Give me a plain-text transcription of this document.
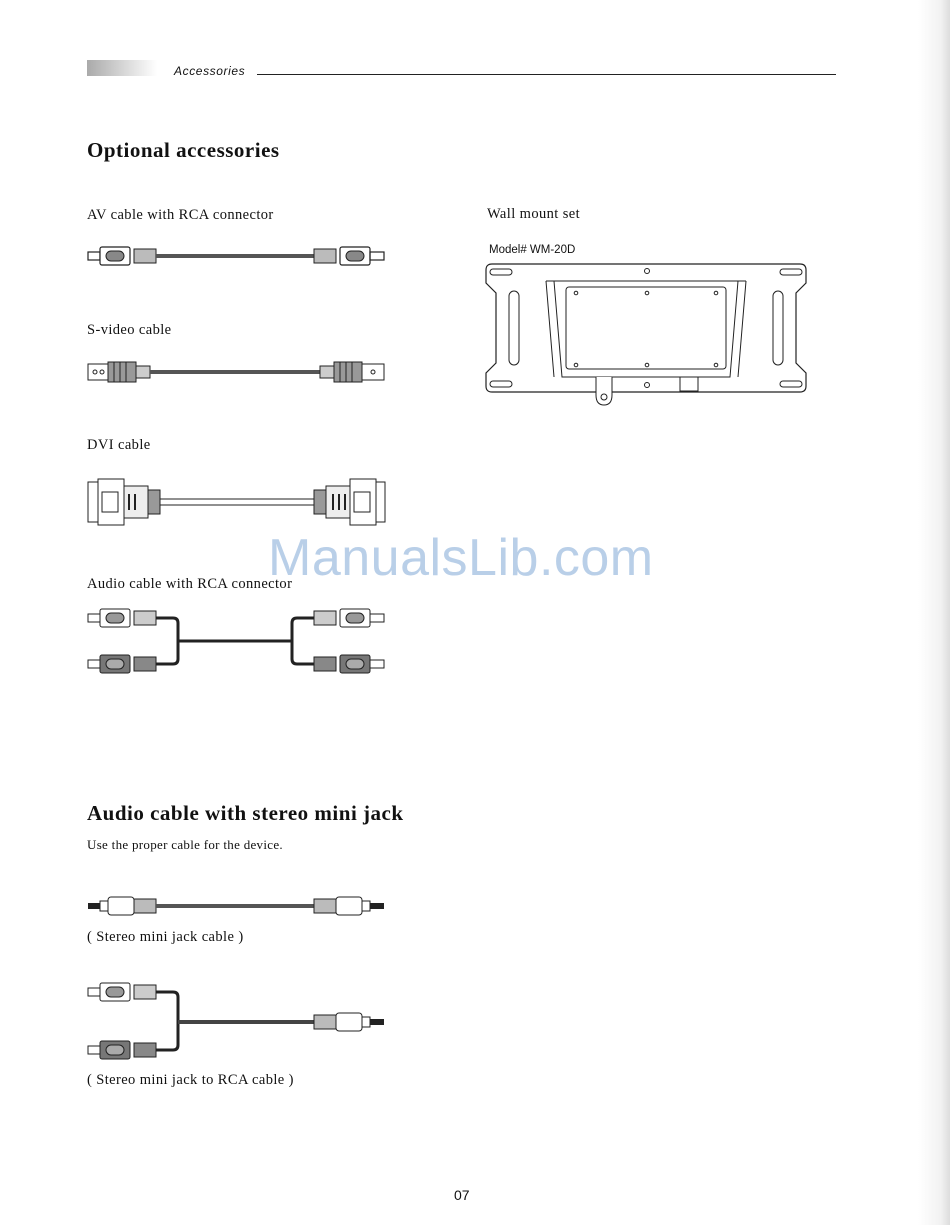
Accessories
Optional accessories
AV cable with RCA connector
S-video cable
DVI cable
Audio cable with RCA connector
Wall mount set
Model# WM-20D
ManualsLib.com
Audio cable with stereo mini jack
Use the proper cable for the device.
( Stereo mini jack cable )
( Stereo mini jack to RCA cable )
07
